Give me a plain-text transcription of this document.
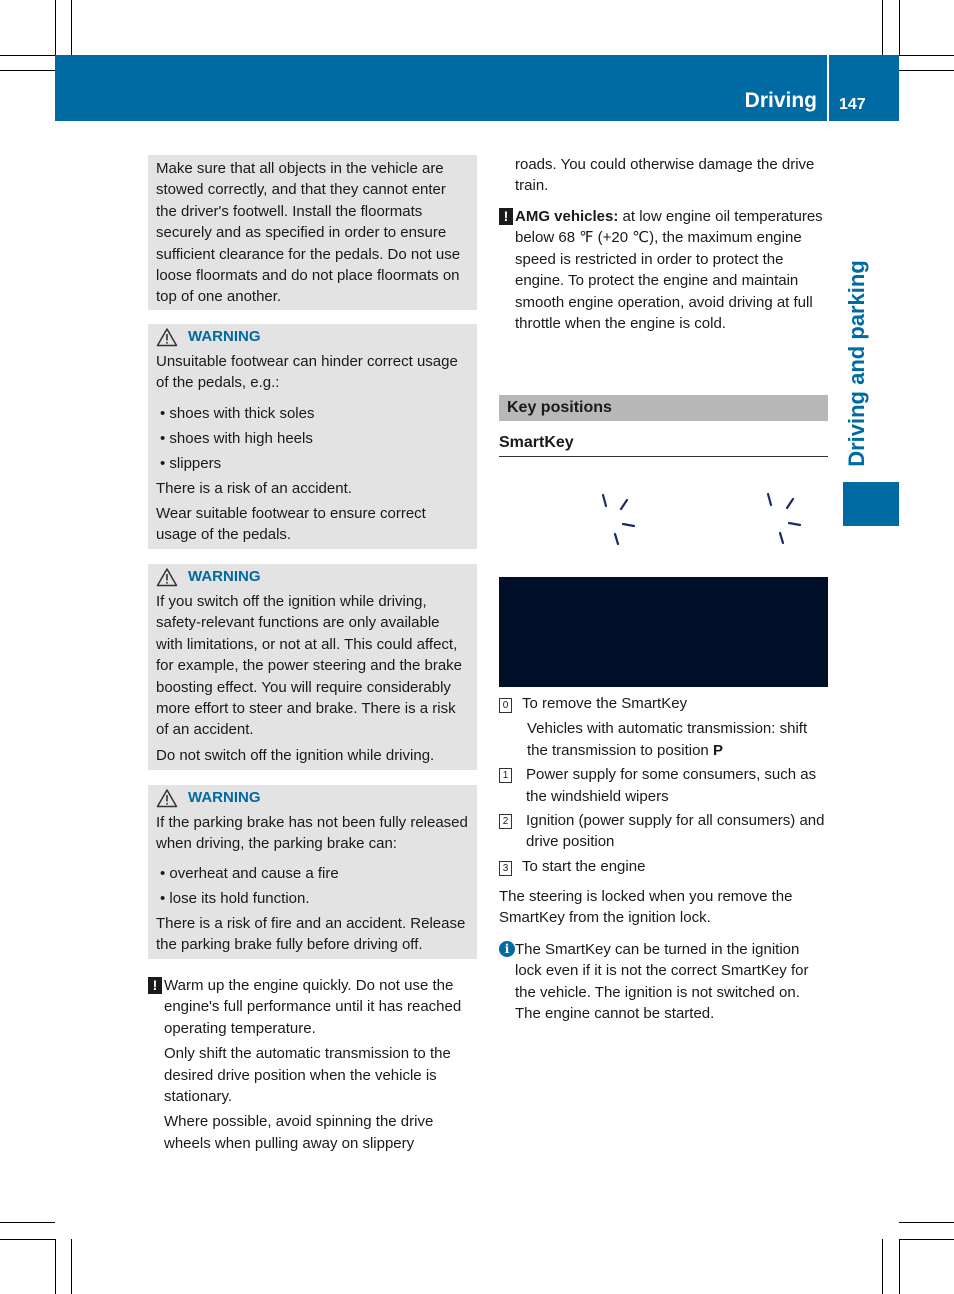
Driving 147
Driving and parking

Make sure that all objects in the vehicle are stowed correctly, and that they cannot enter the driver's footwell. Install the floormats securely and as specified in order to ensure sufficient clearance for the pedals. Do not use loose floormats and do not place floormats on top of one another.

WARNING

Unsuitable footwear can hinder correct usage of the pedals, e.g.:

• shoes with thick soles

• shoes with high heels

• slippers

There is a risk of an accident.

Wear suitable footwear to ensure correct usage of the pedals.

WARNING

If you switch off the ignition while driving, safety-relevant functions are only available with limitations, or not at all. This could affect, for example, the power steering and the brake boosting effect. You will require considerably more effort to steer and brake. There is a risk of an accident.

Do not switch off the ignition while driving.

WARNING

If the parking brake has not been fully released when driving, the parking brake can:

• overheat and cause a fire

• lose its hold function.

There is a risk of fire and an accident. Release the parking brake fully before driving off.

! Warm up the engine quickly. Do not use the engine's full performance until it has reached operating temperature.

Only shift the automatic transmission to the desired drive position when the vehicle is stationary.

Where possible, avoid spinning the drive wheels when pulling away on slippery

roads. You could otherwise damage the drive train.

! AMG vehicles: at low engine oil temperatures below 68 ℉ (+20 ℃), the maximum engine speed is restricted in order to protect the engine. To protect the engine and maintain smooth engine operation, avoid driving at full throttle when the engine is cold.

Key positions
SmartKey
0 To remove the SmartKey
Vehicles with automatic transmission: shift the transmission to position P
1 Power supply for some consumers, such as the windshield wipers
2 Ignition (power supply for all consumers) and drive position
3 To start the engine

The steering is locked when you remove the SmartKey from the ignition lock.

i The SmartKey can be turned in the ignition lock even if it is not the correct SmartKey for the vehicle. The ignition is not switched on. The engine cannot be started.
